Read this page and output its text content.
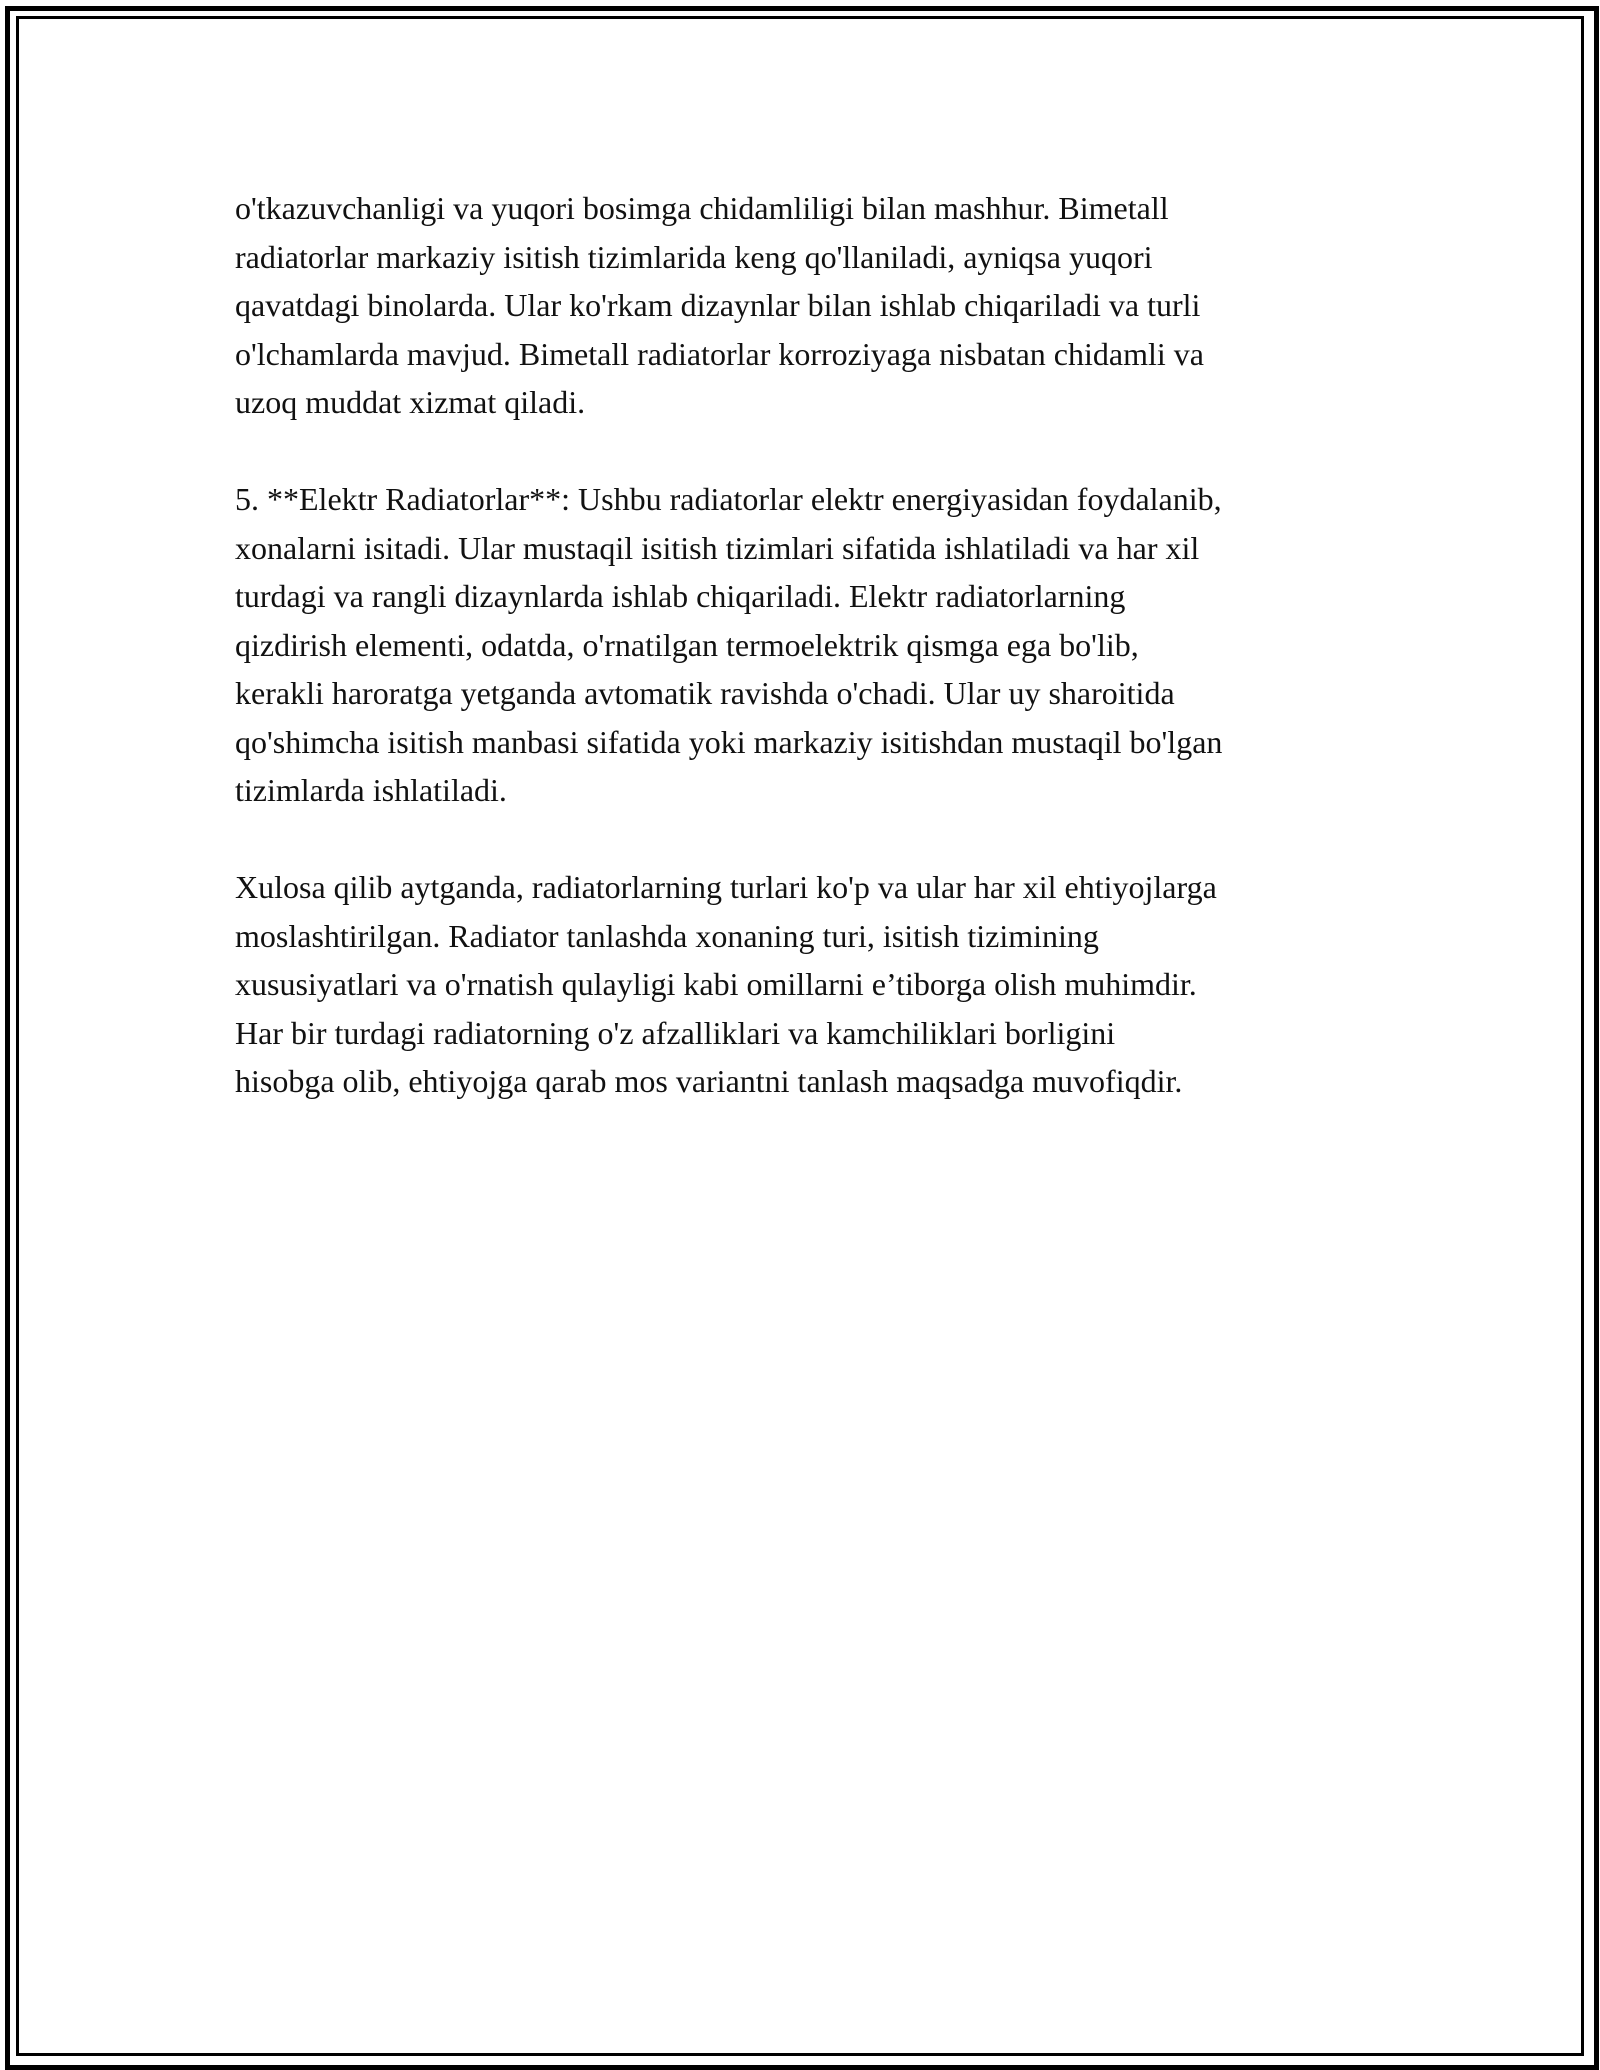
o'tkazuvchanligi va yuqori bosimga chidamliligi bilan mashhur. Bimetall
radiatorlar markaziy isitish tizimlarida keng qo'llaniladi, ayniqsa yuqori
qavatdagi binolarda. Ular ko'rkam dizaynlar bilan ishlab chiqariladi va turli
o'lchamlarda mavjud. Bimetall radiatorlar korroziyaga nisbatan chidamli va
uzoq muddat xizmat qiladi.

5. **Elektr Radiatorlar**: Ushbu radiatorlar elektr energiyasidan foydalanib,
xonalarni isitadi. Ular mustaqil isitish tizimlari sifatida ishlatiladi va har xil
turdagi va rangli dizaynlarda ishlab chiqariladi. Elektr radiatorlarning
qizdirish elementi, odatda, o'rnatilgan termoelektrik qismga ega bo'lib,
kerakli haroratga yetganda avtomatik ravishda o'chadi. Ular uy sharoitida
qo'shimcha isitish manbasi sifatida yoki markaziy isitishdan mustaqil bo'lgan
tizimlarda ishlatiladi.

Xulosa qilib aytganda, radiatorlarning turlari ko'p va ular har xil ehtiyojlarga
moslashtirilgan. Radiator tanlashda xonaning turi, isitish tizimining
xususiyatlari va o'rnatish qulayligi kabi omillarni e’tiborga olish muhimdir.
Har bir turdagi radiatorning o'z afzalliklari va kamchiliklari borligini
hisobga olib, ehtiyojga qarab mos variantni tanlash maqsadga muvofiqdir.
